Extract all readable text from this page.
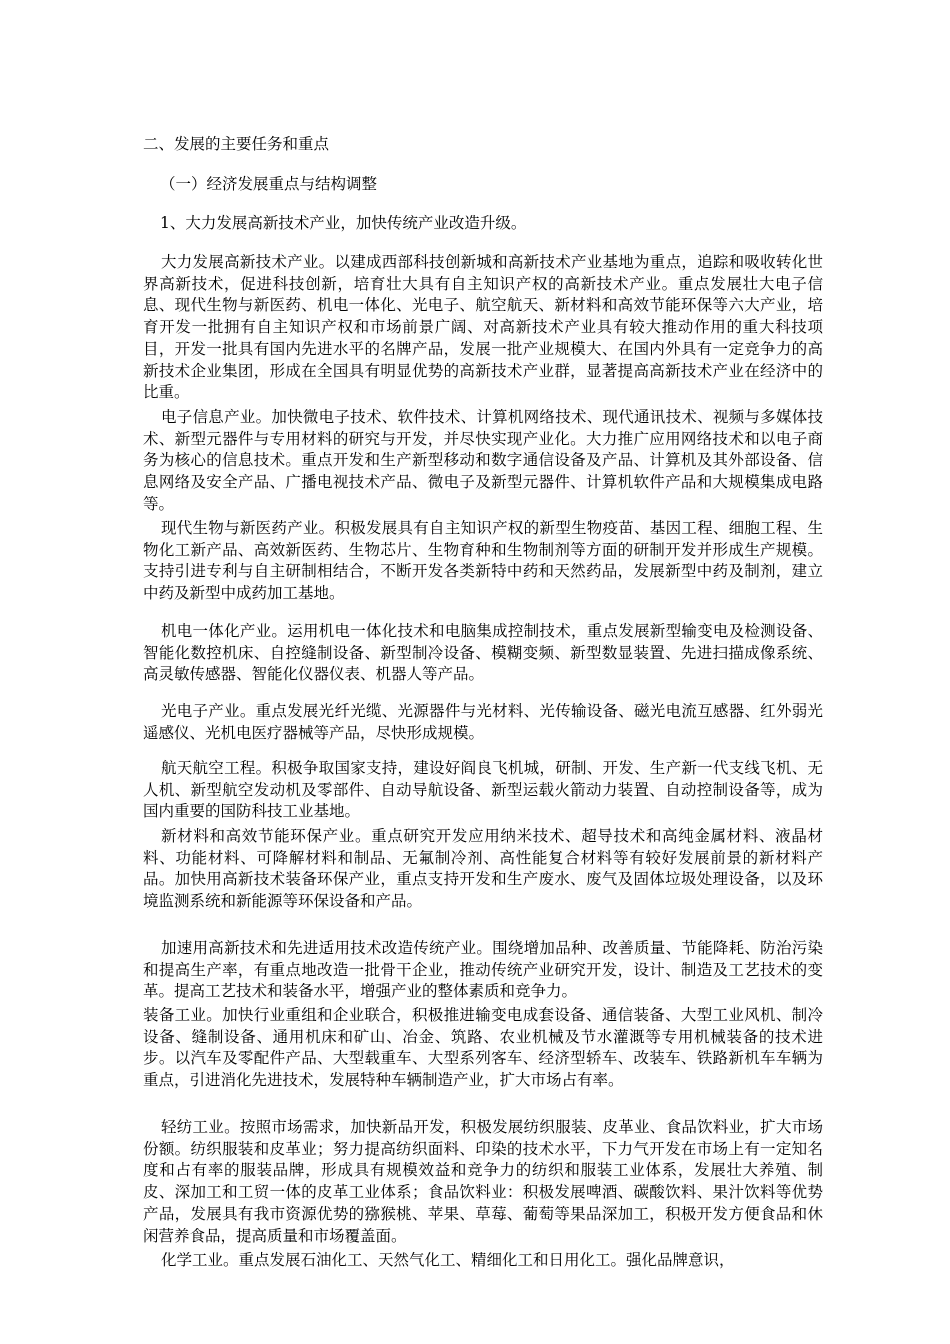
二、发展的主要任务和重点
（一）经济发展重点与结构调整
1、大力发展高新技术产业，加快传统产业改造升级。

大力发展高新技术产业。以建成西部科技创新城和高新技术产业基地为重点，追踪和吸收转化世界高新技术，促进科技创新，培育壮大具有自主知识产权的高新技术产业。重点发展壮大电子信息、现代生物与新医药、机电一体化、光电子、航空航天、新材料和高效节能环保等六大产业，培育开发一批拥有自主知识产权和市场前景广阔、对高新技术产业具有较大推动作用的重大科技项目，开发一批具有国内先进水平的名牌产品，发展一批产业规模大、在国内外具有一定竞争力的高新技术企业集团，形成在全国具有明显优势的高新技术产业群，显著提高高新技术产业在经济中的比重。

电子信息产业。加快微电子技术、软件技术、计算机网络技术、现代通讯技术、视频与多媒体技术、新型元器件与专用材料的研究与开发，并尽快实现产业化。大力推广应用网络技术和以电子商务为核心的信息技术。重点开发和生产新型移动和数字通信设备及产品、计算机及其外部设备、信息网络及安全产品、广播电视技术产品、微电子及新型元器件、计算机软件产品和大规模集成电路等。

现代生物与新医药产业。积极发展具有自主知识产权的新型生物疫苗、基因工程、细胞工程、生物化工新产品、高效新医药、生物芯片、生物育种和生物制剂等方面的研制开发并形成生产规模。支持引进专利与自主研制相结合，不断开发各类新特中药和天然药品，发展新型中药及制剂，建立中药及新型中成药加工基地。

机电一体化产业。运用机电一体化技术和电脑集成控制技术，重点发展新型输变电及检测设备、智能化数控机床、自控缝制设备、新型制冷设备、模糊变频、新型数显装置、先进扫描成像系统、高灵敏传感器、智能化仪器仪表、机器人等产品。

光电子产业。重点发展光纤光缆、光源器件与光材料、光传输设备、磁光电流互感器、红外弱光遥感仪、光机电医疗器械等产品，尽快形成规模。

航天航空工程。积极争取国家支持，建设好阎良飞机城，研制、开发、生产新一代支线飞机、无人机、新型航空发动机及零部件、自动导航设备、新型运载火箭动力装置、自动控制设备等，成为国内重要的国防科技工业基地。

新材料和高效节能环保产业。重点研究开发应用纳米技术、超导技术和高纯金属材料、液晶材料、功能材料、可降解材料和制品、无氟制冷剂、高性能复合材料等有较好发展前景的新材料产品。加快用高新技术装备环保产业，重点支持开发和生产废水、废气及固体垃圾处理设备，以及环境监测系统和新能源等环保设备和产品。

加速用高新技术和先进适用技术改造传统产业。围绕增加品种、改善质量、节能降耗、防治污染和提高生产率，有重点地改造一批骨干企业，推动传统产业研究开发，设计、制造及工艺技术的变革。提高工艺技术和装备水平，增强产业的整体素质和竞争力。

装备工业。加快行业重组和企业联合，积极推进输变电成套设备、通信装备、大型工业风机、制冷设备、缝制设备、通用机床和矿山、冶金、筑路、农业机械及节水灌溉等专用机械装备的技术进步。以汽车及零配件产品、大型载重车、大型系列客车、经济型轿车、改装车、铁路新机车车辆为重点，引进消化先进技术，发展特种车辆制造产业，扩大市场占有率。

轻纺工业。按照市场需求，加快新品开发，积极发展纺织服装、皮革业、食品饮料业，扩大市场份额。纺织服装和皮革业；努力提高纺织面料、印染的技术水平，下力气开发在市场上有一定知名度和占有率的服装品牌，形成具有规模效益和竞争力的纺织和服装工业体系，发展壮大养殖、制皮、深加工和工贸一体的皮革工业体系；食品饮料业：积极发展啤酒、碳酸饮料、果汁饮料等优势产品，发展具有我市资源优势的猕猴桃、苹果、草莓、葡萄等果品深加工，积极开发方便食品和休闲营养食品，提高质量和市场覆盖面。

化学工业。重点发展石油化工、天然气化工、精细化工和日用化工。强化品牌意识，
